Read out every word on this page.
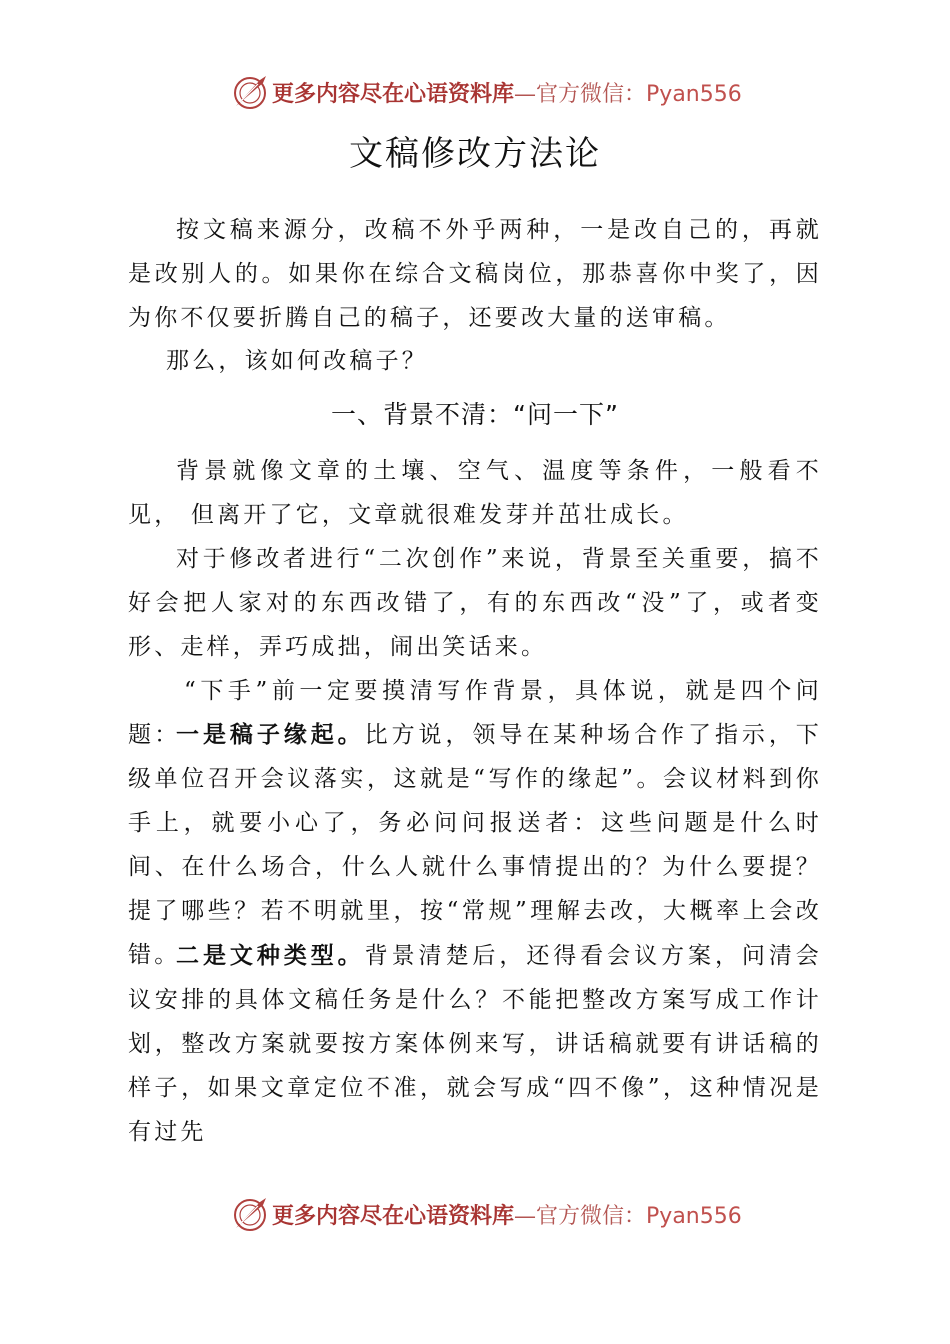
更多内容尽在心语资料库—官方微信：Pyan556
文稿修改方法论

按文稿来源分，改稿不外乎两种，一是改自己的，再就是改别人的。如果你在综合文稿岗位，那恭喜你中奖了，因为你不仅要折腾自己的稿子，还要改大量的送审稿。

那么，该如何改稿子？

一、背景不清：“问一下”

背景就像文章的土壤、空气、温度等条件，一般看不见， 但离开了它，文章就很难发芽并茁壮成长。

对于修改者进行“二次创作”来说，背景至关重要，搞不好会把人家对的东西改错了，有的东西改“没”了，或者变形、走样，弄巧成拙，闹出笑话来。

“下手”前一定要摸清写作背景，具体说，就是四个问题：

一是稿子缘起。比方说，领导在某种场合作了指示，下级单位召开会议落实，这就是“写作的缘起”。会议材料到你手上，就要小心了，务必问问报送者：这些问题是什么时间、在什么场合，什么人就什么事情提出的？为什么要提？提了哪些？若不明就里，按“常规”理解去改，大概率上会改错。

二是文种类型。背景清楚后，还得看会议方案，问清会议安排的具体文稿任务是什么？不能把整改方案写成工作计划，整改方案就要按方案体例来写，讲话稿就要有讲话稿的样子，如果文章定位不准，就会写成“四不像”，这种情况是有过先

更多内容尽在心语资料库—官方微信：Pyan556
